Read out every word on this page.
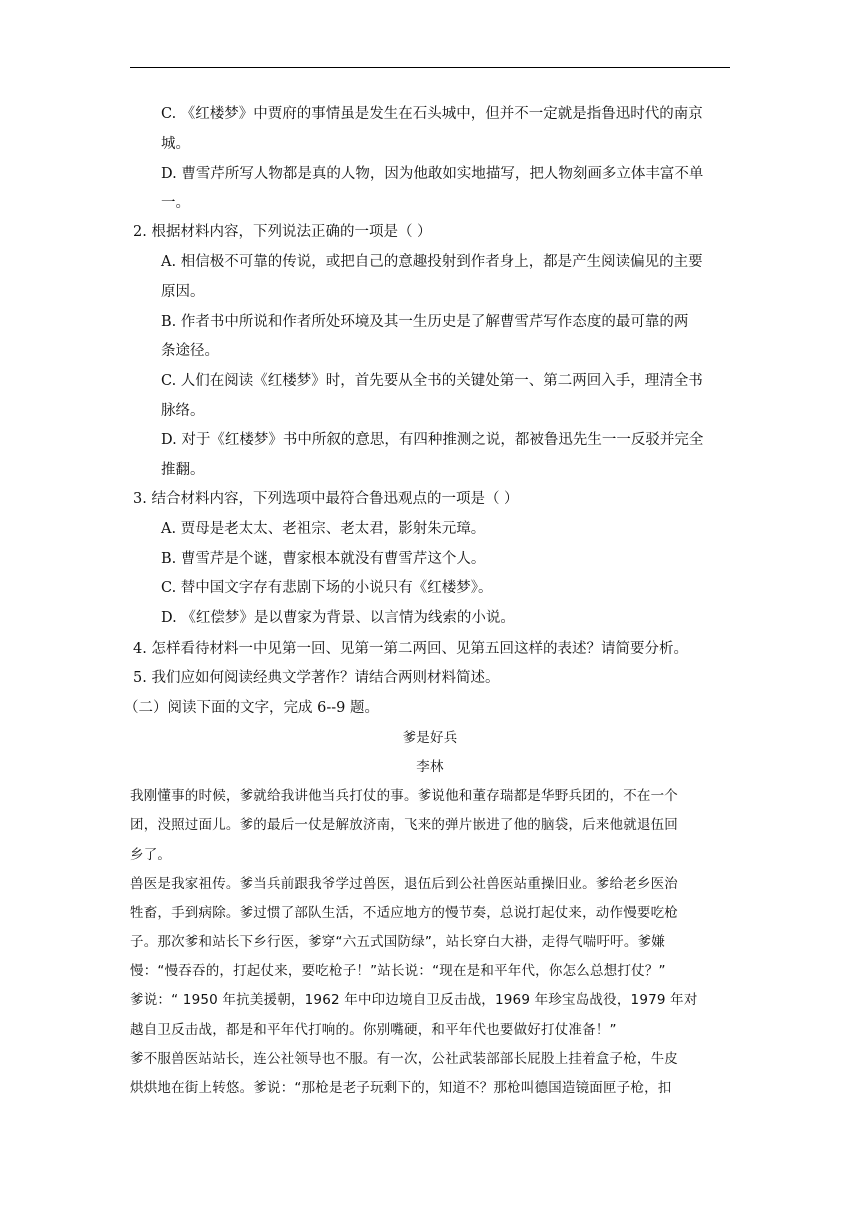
C. 《红楼梦》中贾府的事情虽是发生在石头城中，但并不一定就是指鲁迅时代的南京
城。
D. 曹雪芹所写人物都是真的人物，因为他敢如实地描写，把人物刻画多立体丰富不单
一。
2. 根据材料内容，下列说法正确的一项是（ ）
A. 相信极不可靠的传说，或把自己的意趣投射到作者身上，都是产生阅读偏见的主要
原因。
B. 作者书中所说和作者所处环境及其一生历史是了解曹雪芹写作态度的最可靠的两
条途径。
C. 人们在阅读《红楼梦》时，首先要从全书的关键处第一、第二两回入手，理清全书
脉络。
D. 对于《红楼梦》书中所叙的意思，有四种推测之说，都被鲁迅先生一一反驳并完全
推翻。
3. 结合材料内容，下列选项中最符合鲁迅观点的一项是（ ）
A. 贾母是老太太、老祖宗、老太君，影射朱元璋。
B. 曹雪芹是个谜，曹家根本就没有曹雪芹这个人。
C. 替中国文字存有悲剧下场的小说只有《红楼梦》。
D. 《红偿梦》是以曹家为背景、以言情为线索的小说。
4. 怎样看待材料一中见第一回、见第一第二两回、见第五回这样的表述？请简要分析。
5. 我们应如何阅读经典文学著作？请结合两则材料简述。
（二）阅读下面的文字，完成 6--9 题。
爹是好兵
李林
我刚懂事的时候，爹就给我讲他当兵打仗的事。爹说他和董存瑞都是华野兵团的，不在一个
团，没照过面儿。爹的最后一仗是解放济南，飞来的弹片嵌进了他的脑袋，后来他就退伍回
乡了。
兽医是我家祖传。爹当兵前跟我爷学过兽医，退伍后到公社兽医站重操旧业。爹给老乡医治
牲畜，手到病除。爹过惯了部队生活，不适应地方的慢节奏，总说打起仗来，动作慢要吃枪
子。那次爹和站长下乡行医，爹穿“六五式国防绿”，站长穿白大褂，走得气喘吁吁。爹嫌
慢：“慢吞吞的，打起仗来，要吃枪子！”站长说：“现在是和平年代，你怎么总想打仗？”
爹说：“ 1950 年抗美援朝，1962 年中印边境自卫反击战，1969 年珍宝岛战役，1979 年对
越自卫反击战，都是和平年代打响的。你别嘴硬，和平年代也要做好打仗准备！”
爹不服兽医站站长，连公社领导也不服。有一次，公社武装部部长屁股上挂着盒子枪，牛皮
烘烘地在街上转悠。爹说：“那枪是老子玩剩下的，知道不？那枪叫德国造镜面匣子枪，扣
